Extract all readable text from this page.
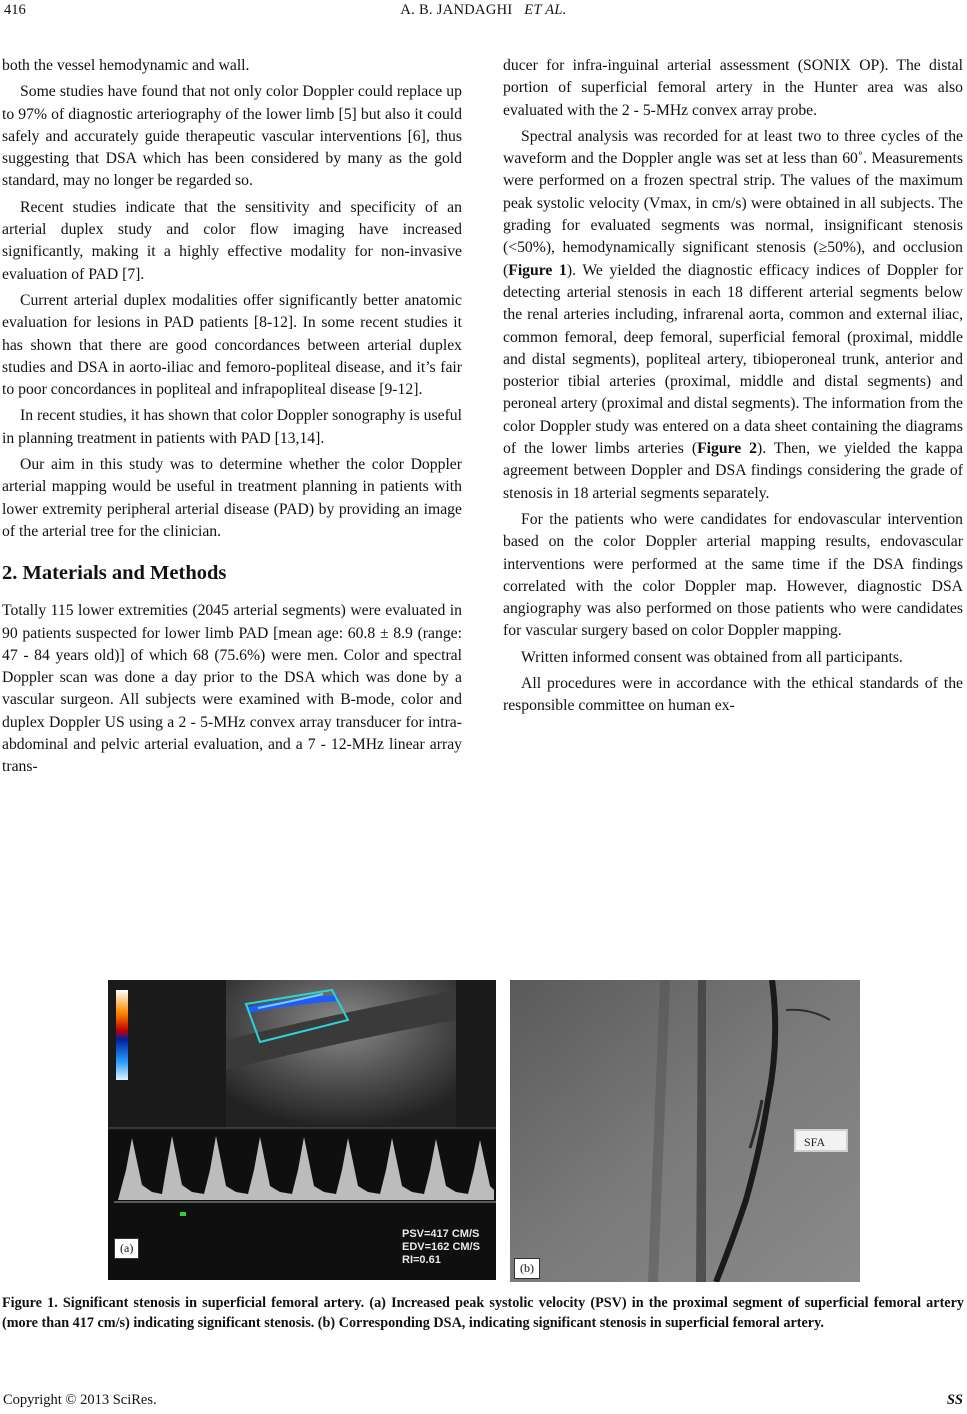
416	A. B. JANDAGHI ET AL.

both the vessel hemodynamic and wall.

Some studies have found that not only color Doppler could replace up to 97% of diagnostic arteriography of the lower limb [5] but also it could safely and accurately guide therapeutic vascular interventions [6], thus suggesting that DSA which has been considered by many as the gold standard, may no longer be regarded so.

Recent studies indicate that the sensitivity and specificity of an arterial duplex study and color flow imaging have increased significantly, making it a highly effective modality for non-invasive evaluation of PAD [7].

Current arterial duplex modalities offer significantly better anatomic evaluation for lesions in PAD patients [8-12]. In some recent studies it has shown that there are good concordances between arterial duplex studies and DSA in aorto-iliac and femoro-popliteal disease, and it’s fair to poor concordances in popliteal and infrapopliteal disease [9-12].

In recent studies, it has shown that color Doppler sonography is useful in planning treatment in patients with PAD [13,14].

Our aim in this study was to determine whether the color Doppler arterial mapping would be useful in treatment planning in patients with lower extremity peripheral arterial disease (PAD) by providing an image of the arterial tree for the clinician.

2. Materials and Methods

Totally 115 lower extremities (2045 arterial segments) were evaluated in 90 patients suspected for lower limb PAD [mean age: 60.8 ± 8.9 (range: 47 - 84 years old)] of which 68 (75.6%) were men. Color and spectral Doppler scan was done a day prior to the DSA which was done by a vascular surgeon. All subjects were examined with B-mode, color and duplex Doppler US using a 2 - 5-MHz convex array transducer for intra-abdominal and pelvic arterial evaluation, and a 7 - 12-MHz linear array trans-

ducer for infra-inguinal arterial assessment (SONIX OP). The distal portion of superficial femoral artery in the Hunter area was also evaluated with the 2 - 5-MHz convex array probe.

Spectral analysis was recorded for at least two to three cycles of the waveform and the Doppler angle was set at less than 60˚. Measurements were performed on a frozen spectral strip. The values of the maximum peak systolic velocity (Vmax, in cm/s) were obtained in all subjects. The grading for evaluated segments was normal, insignificant stenosis (<50%), hemodynamically significant stenosis (≥50%), and occlusion (Figure 1). We yielded the diagnostic efficacy indices of Doppler for detecting arterial stenosis in each 18 different arterial segments below the renal arteries including, infrarenal aorta, common and external iliac, common femoral, deep femoral, superficial femoral (proximal, middle and distal segments), popliteal artery, tibioperoneal trunk, anterior and posterior tibial arteries (proximal, middle and distal segments) and peroneal artery (proximal and distal segments). The information from the color Doppler study was entered on a data sheet containing the diagrams of the lower limbs arteries (Figure 2). Then, we yielded the kappa agreement between Doppler and DSA findings considering the grade of stenosis in 18 arterial segments separately.

For the patients who were candidates for endovascular intervention based on the color Doppler arterial mapping results, endovascular interventions were performed at the same time if the DSA findings correlated with the color Doppler map. However, diagnostic DSA angiography was also performed on those patients who were candidates for vascular surgery based on color Doppler mapping.

Written informed consent was obtained from all participants.

All procedures were in accordance with the ethical standards of the responsible committee on human ex-

(a)
PSV=417 CM/S
EDV=162 CM/S
RI=0.61
SFA
(b)
Figure 1. Significant stenosis in superficial femoral artery. (a) Increased peak systolic velocity (PSV) in the proximal segment of superficial femoral artery (more than 417 cm/s) indicating significant stenosis. (b) Corresponding DSA, indicating significant stenosis in superficial femoral artery.
Copyright © 2013 SciRes.	SS
